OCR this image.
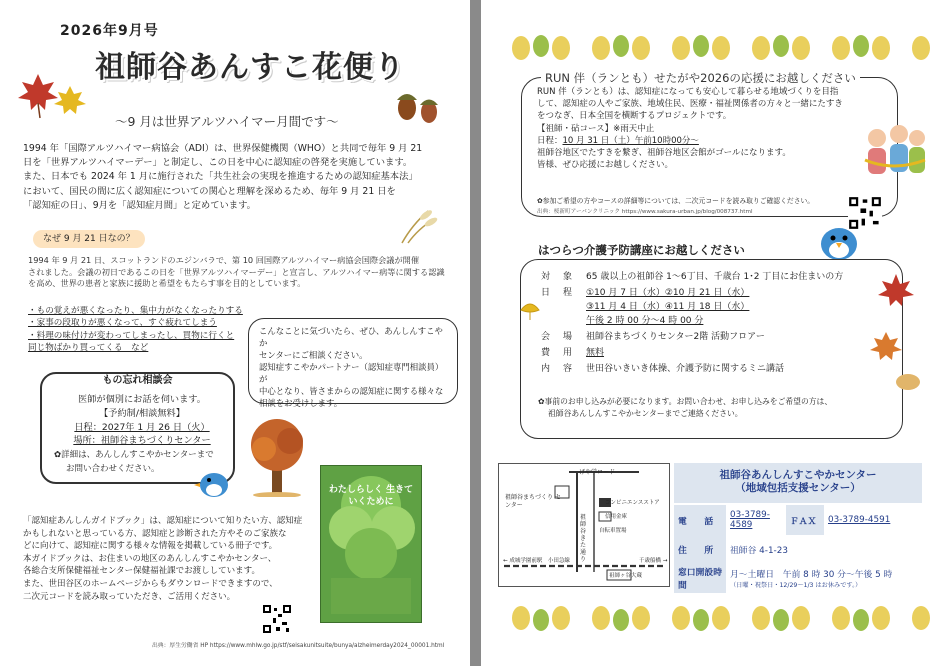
2026年9月号
祖師谷あんすこ花便り
～9 月は世界アルツハイマー月間です～
1994 年「国際アルツハイマー病協会（ADI）は、世界保健機関（WHO）と共同で毎年 9 月 21
日を「世界アルツハイマーデー」と制定し、この日を中心に認知症の啓発を実施しています。
また、日本でも 2024 年 1 月に施行された「共生社会の実現を推進するための認知症基本法」
において、国民の間に広く認知症についての関心と理解を深めるため、毎年 9 月 21 日を
「認知症の日」、9月を「認知症月間」と定めています。
なぜ 9 月 21 日なの？
1994 年 9 月 21 日、スコットランドのエジンバラで、第 10 回国際アルツハイマー病協会国際会議が開催
されました。会議の初日であるこの日を「世界アルツハイマーデー」と宣言し、アルツハイマー病等に関する認識
を高め、世界の患者と家族に援助と希望をもたらす事を目的としています。
・もの覚えが悪くなったり、集中力がなくなったりする
・家事の段取りが悪くなって、すぐ疲れてしまう
・料理の味付けが変わってしまったし、買物に行くと
同じ物ばかり買ってくる　など
こんなことに気づいたら、ぜひ、あんしんすこやか
センターにご相談ください。
認知症すこやかパートナー（認知症専門相談員）が
中心となり、皆さまからの認知症に関する様々な
相談をお受けします。
もの忘れ相談会
医師が個別にお話を伺います。
【予約制/相談無料】
日程：2027年 1 月 26 日（火）
場所：祖師谷まちづくりセンター
✿詳細は、あんしんすこやかセンターまで
お問い合わせください。
わたしらしく 生きていくために
「認知症あんしんガイドブック」は、認知症について知りたい方、認知症
かもしれないと思っている方、認知症と診断された方やそのご家族な
どに向けて、認知症に関する様々な情報を掲載している冊子です。
本ガイドブックは、お住まいの地区のあんしんすこやかセンター、
各総合支所保健福祉センター保健福祉課でお渡ししています。
また、世田谷区のホームページからもダウンロードできますので、
二次元コードを読み取っていただき、ご活用ください。
出典：厚生労働省 HP https://www.mhlw.go.jp/stf/seisakunitsuite/bunya/alzheimerday2024_00001.html
RUN 伴（ランとも）せたがや2026の応援にお越しください
RUN 伴（ランとも）は、認知症になっても安心して暮らせる地域づくりを目指
して、認知症の人やご家族、地域住民、医療・福祉関係者の方々と一緒にたすき
をつなぎ、日本全国を横断するプロジェクトです。
【祖師・砧コース】※雨天中止
日程：10 月 31 日（土）午前10時00分～
祖師谷地区でたすきを繋ぎ、祖師谷地区会館がゴールになります。
皆様、ぜひ応援にお越しください。
✿参加ご希望の方やコースの詳細等については、二次元コードを読み取りご確認ください。
出典：桜新町アーバンクリニック https://www.sakura-urban.jp/blog/008737.html
はつらつ介護予防講座にお越しください
対　象 65 歳以上の祖師谷 1～6丁目、千歳台 1･2 丁目にお住まいの方
日　程 ①10 月 7 日（水）②10 月 21 日（水）
③11 月 4 日（水）④11 月 18 日（水）
午後 2 時 00 分～4 時 00 分
会　場 祖師谷まちづくりセンター2階 活動フロアー
費　用 無料
内　容 世田谷いきいき体操、介護予防に関するミニ講話
✿事前のお申し込みが必要になります。お問い合わせ、お申し込みをご希望の方は、
祖師谷あんしんすこやかセンターまでご連絡ください。
げや学ロード
祖師谷まちづくり センター	コンビニエンスストア
信用金庫
自転車置場
祖師谷きた通り
← 成城学園前駅　小田急線	千歳船橋 →
祖師ヶ谷大蔵
祖師谷あんしんすこやかセンター
（地域包括支援センター）
電　　話	03-3789-4589	ＦＡＸ	03-3789-4591
住　　所	祖師谷 4-1-23		
窓口開設時間	月～土曜日　午前 8 時 30 分～午後 5 時
（日曜・祝祭日・12/29～1/3 はお休みです。）		
